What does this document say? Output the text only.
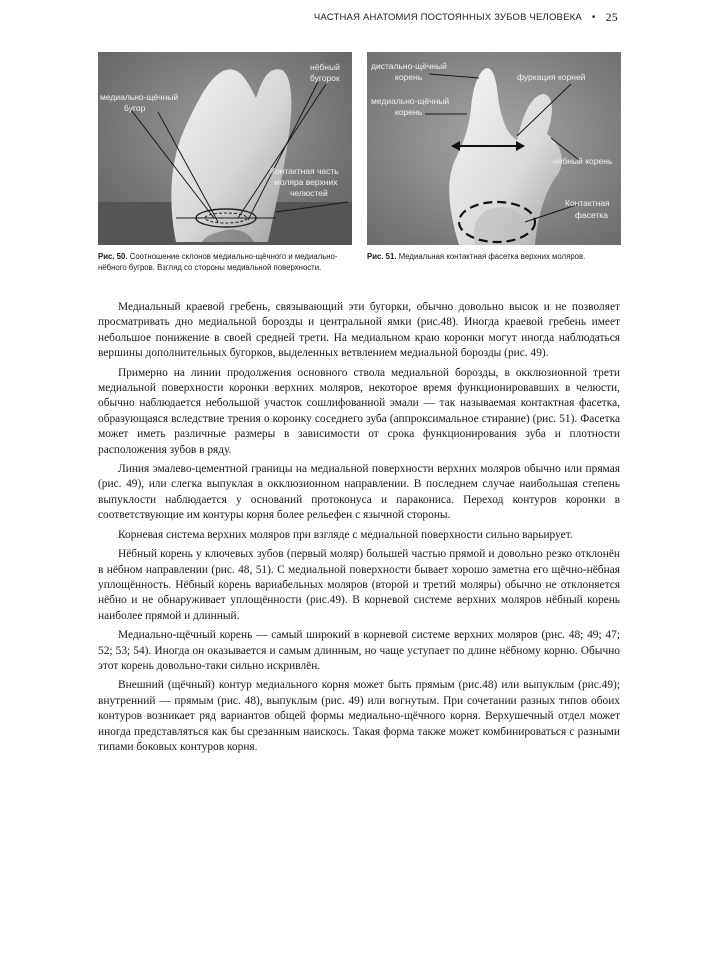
ЧАСТНАЯ АНАТОМИЯ ПОСТОЯННЫХ ЗУБОВ ЧЕЛОВЕКА • 25
нёбный
бугорок
медиально-щёчный
бугор
Контактная часть
моляра верхних
челюстей
Рис. 50. Соотношение склонов медиально-щёчного и медиально-нёбного бугров. Взгляд со стороны медиальной поверхности.
дистально-щёчный
корень
медиально-щёчный
корень
фуркация корней
нёбный корень
Контактная
фасетка
Рис. 51. Медиальная контактная фасетка верхних моляров.

Медиальный краевой гребень, связывающий эти бугорки, обычно довольно высок и не позволяет просматривать дно медиальной борозды и центральной ямки (рис.48). Иногда краевой гребень имеет небольшое понижение в своей средней трети. На медиальном краю коронки могут иногда наблюдаться вершины дополнительных бугорков, выделенных ветвлением медиальной борозды (рис. 49).

Примерно на линии продолжения основного ствола медиальной борозды, в окклюзионной трети медиальной поверхности коронки верхних моляров, некоторое время функционировавших в челюсти, обычно наблюдается небольшой участок сошлифованной эмали — так называемая контактная фасетка, образующаяся вследствие трения о коронку соседнего зуба (аппроксимальное стирание) (рис. 51). Фасетка может иметь различные размеры в зависимости от срока функционирования зуба и плотности расположения зубов в ряду.

Линия эмалево-цементной границы на медиальной поверхности верхних моляров обычно или прямая (рис. 49), или слегка выпуклая в окклюзионном направлении. В последнем случае наибольшая степень выпуклости наблюдается у оснований протоконуса и паракониса. Переход контуров коронки в соответствующие им контуры корня более рельефен с язычной стороны.

Корневая система верхних моляров при взгляде с медиальной поверхности сильно варьирует.

Нёбный корень у ключевых зубов (первый моляр) большей частью прямой и довольно резко отклонён в нёбном направлении (рис. 48, 51). С медиальной поверхности бывает хорошо заметна его щёчно-нёбная уплощённость. Нёбный корень вариабельных моляров (второй и третий моляры) обычно не отклоняется нёбно и не обнаруживает уплощённости (рис.49). В корневой системе верхних моляров нёбный корень наиболее прямой и длинный.

Медиально-щёчный корень — самый широкий в корневой системе верхних моляров (рис. 48; 49; 47; 52; 53; 54). Иногда он оказывается и самым длинным, но чаще уступает по длине нёбному корню. Обычно этот корень довольно-таки сильно искривлён.

Внешний (щёчный) контур медиального корня может быть прямым (рис.48) или выпуклым (рис.49); внутренний — прямым (рис. 48), выпуклым (рис. 49) или вогнутым. При сочетании разных типов обоих контуров возникает ряд вариантов общей формы медиально-щёчного корня. Верхушечный отдел может иногда представляться как бы срезанным наискось. Такая форма также может комбинироваться с разными типами боковых контуров корня.
